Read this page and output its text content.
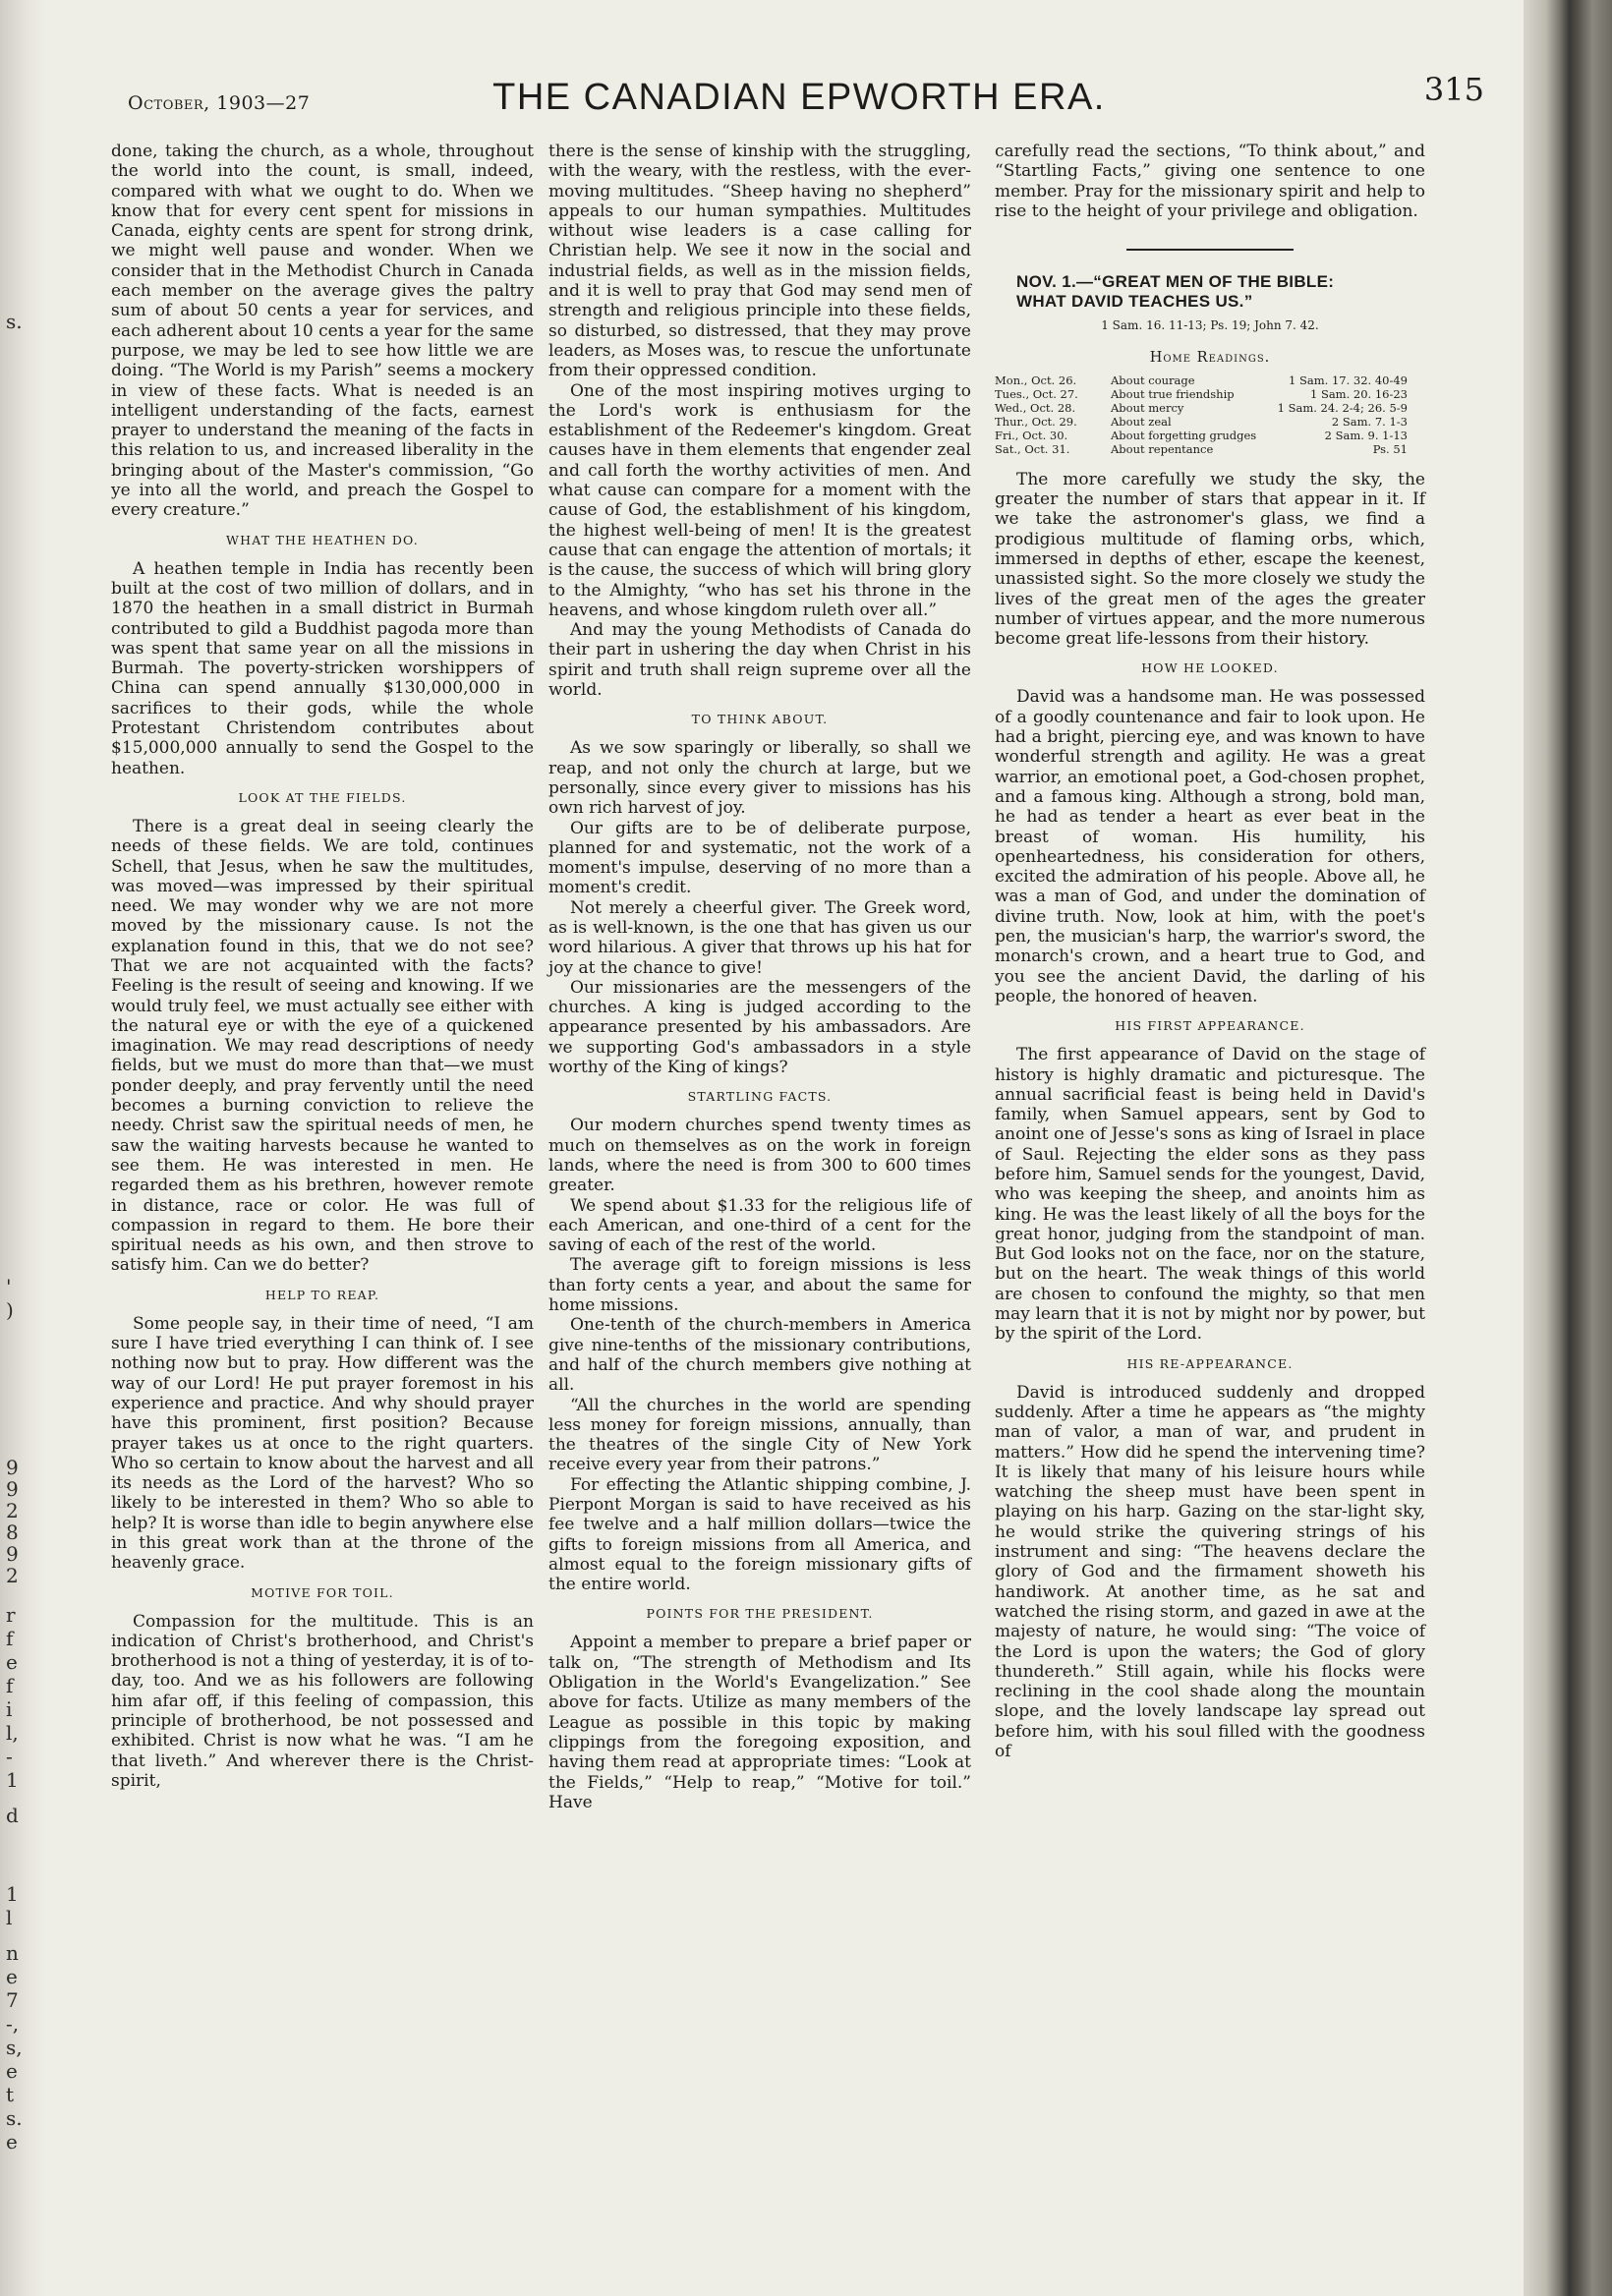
s.
'
)
9
9
2
8
9
2
r
f
e
f
i
l,
-
1
d
1
l
n
e
7
-,
s,
e
t
s.
e
October, 1903—27	THE CANADIAN EPWORTH ERA.	315

done, taking the church, as a whole, throughout the world into the count, is small, indeed, compared with what we ought to do. When we know that for every cent spent for missions in Canada, eighty cents are spent for strong drink, we might well pause and wonder. When we consider that in the Methodist Church in Canada each member on the average gives the paltry sum of about 50 cents a year for services, and each adherent about 10 cents a year for the same purpose, we may be led to see how little we are doing. “The World is my Parish” seems a mockery in view of these facts. What is needed is an intelligent understanding of the facts, earnest prayer to understand the meaning of the facts in this relation to us, and increased liberality in the bringing about of the Master's commission, “Go ye into all the world, and preach the Gospel to every creature.”

WHAT THE HEATHEN DO.

A heathen temple in India has recently been built at the cost of two million of dollars, and in 1870 the heathen in a small district in Burmah contributed to gild a Buddhist pagoda more than was spent that same year on all the missions in Burmah. The poverty-stricken worshippers of China can spend annually $130,000,000 in sacrifices to their gods, while the whole Protestant Christendom contributes about $15,000,000 annually to send the Gospel to the heathen.

LOOK AT THE FIELDS.

There is a great deal in seeing clearly the needs of these fields. We are told, continues Schell, that Jesus, when he saw the multitudes, was moved—was impressed by their spiritual need. We may wonder why we are not more moved by the missionary cause. Is not the explanation found in this, that we do not see? That we are not acquainted with the facts? Feeling is the result of seeing and knowing. If we would truly feel, we must actually see either with the natural eye or with the eye of a quickened imagination. We may read descriptions of needy fields, but we must do more than that—we must ponder deeply, and pray fervently until the need becomes a burning conviction to relieve the needy. Christ saw the spiritual needs of men, he saw the waiting harvests because he wanted to see them. He was interested in men. He regarded them as his brethren, however remote in distance, race or color. He was full of compassion in regard to them. He bore their spiritual needs as his own, and then strove to satisfy him. Can we do better?

HELP TO REAP.

Some people say, in their time of need, “I am sure I have tried everything I can think of. I see nothing now but to pray. How different was the way of our Lord! He put prayer foremost in his experience and practice. And why should prayer have this prominent, first position? Because prayer takes us at once to the right quarters. Who so certain to know about the harvest and all its needs as the Lord of the harvest? Who so likely to be interested in them? Who so able to help? It is worse than idle to begin anywhere else in this great work than at the throne of the heavenly grace.

MOTIVE FOR TOIL.

Compassion for the multitude. This is an indication of Christ's brotherhood, and Christ's brotherhood is not a thing of yesterday, it is of to-day, too. And we as his followers are following him afar off, if this feeling of compassion, this principle of brotherhood, be not possessed and exhibited. Christ is now what he was. “I am he that liveth.” And wherever there is the Christ-spirit,

there is the sense of kinship with the struggling, with the weary, with the restless, with the ever-moving multitudes. “Sheep having no shepherd” appeals to our human sympathies. Multitudes without wise leaders is a case calling for Christian help. We see it now in the social and industrial fields, as well as in the mission fields, and it is well to pray that God may send men of strength and religious principle into these fields, so disturbed, so distressed, that they may prove leaders, as Moses was, to rescue the unfortunate from their oppressed condition.

One of the most inspiring motives urging to the Lord's work is enthusiasm for the establishment of the Redeemer's kingdom. Great causes have in them elements that engender zeal and call forth the worthy activities of men. And what cause can compare for a moment with the cause of God, the establishment of his kingdom, the highest well-being of men! It is the greatest cause that can engage the attention of mortals; it is the cause, the success of which will bring glory to the Almighty, “who has set his throne in the heavens, and whose kingdom ruleth over all.”

And may the young Methodists of Canada do their part in ushering the day when Christ in his spirit and truth shall reign supreme over all the world.

TO THINK ABOUT.

As we sow sparingly or liberally, so shall we reap, and not only the church at large, but we personally, since every giver to missions has his own rich harvest of joy.

Our gifts are to be of deliberate purpose, planned for and systematic, not the work of a moment's impulse, deserving of no more than a moment's credit.

Not merely a cheerful giver. The Greek word, as is well-known, is the one that has given us our word hilarious. A giver that throws up his hat for joy at the chance to give!

Our missionaries are the messengers of the churches. A king is judged according to the appearance presented by his ambassadors. Are we supporting God's ambassadors in a style worthy of the King of kings?

STARTLING FACTS.

Our modern churches spend twenty times as much on themselves as on the work in foreign lands, where the need is from 300 to 600 times greater.

We spend about $1.33 for the religious life of each American, and one-third of a cent for the saving of each of the rest of the world.

The average gift to foreign missions is less than forty cents a year, and about the same for home missions.

One-tenth of the church-members in America give nine-tenths of the missionary contributions, and half of the church members give nothing at all.

“All the churches in the world are spending less money for foreign missions, annually, than the theatres of the single City of New York receive every year from their patrons.”

For effecting the Atlantic shipping combine, J. Pierpont Morgan is said to have received as his fee twelve and a half million dollars—twice the gifts to foreign missions from all America, and almost equal to the foreign missionary gifts of the entire world.

POINTS FOR THE PRESIDENT.

Appoint a member to prepare a brief paper or talk on, “The strength of Methodism and Its Obligation in the World's Evangelization.” See above for facts. Utilize as many members of the League as possible in this topic by making clippings from the foregoing exposition, and having them read at appropriate times: “Look at the Fields,” “Help to reap,” “Motive for toil.” Have

carefully read the sections, “To think about,” and “Startling Facts,” giving one sentence to one member. Pray for the missionary spirit and help to rise to the height of your privilege and obligation.

NOV. 1.—“GREAT MEN OF THE BIBLE:

WHAT DAVID TEACHES US.”

1 Sam. 16. 11-13; Ps. 19; John 7. 42.
Home Readings.
Mon., Oct. 26.	About courage	1 Sam. 17. 32. 40-49
Tues., Oct. 27.	About true friendship	1 Sam. 20. 16-23
Wed., Oct. 28.	About mercy	1 Sam. 24. 2-4; 26. 5-9
Thur., Oct. 29.	About zeal	2 Sam. 7. 1-3
Fri., Oct. 30.	About forgetting grudges	2 Sam. 9. 1-13
Sat., Oct. 31.	About repentance	Ps. 51

The more carefully we study the sky, the greater the number of stars that appear in it. If we take the astronomer's glass, we find a prodigious multitude of flaming orbs, which, immersed in depths of ether, escape the keenest, unassisted sight. So the more closely we study the lives of the great men of the ages the greater number of virtues appear, and the more numerous become great life-lessons from their history.

HOW HE LOOKED.

David was a handsome man. He was possessed of a goodly countenance and fair to look upon. He had a bright, piercing eye, and was known to have wonderful strength and agility. He was a great warrior, an emotional poet, a God-chosen prophet, and a famous king. Although a strong, bold man, he had as tender a heart as ever beat in the breast of woman. His humility, his openheartedness, his consideration for others, excited the admiration of his people. Above all, he was a man of God, and under the domination of divine truth. Now, look at him, with the poet's pen, the musician's harp, the warrior's sword, the monarch's crown, and a heart true to God, and you see the ancient David, the darling of his people, the honored of heaven.

HIS FIRST APPEARANCE.

The first appearance of David on the stage of history is highly dramatic and picturesque. The annual sacrificial feast is being held in David's family, when Samuel appears, sent by God to anoint one of Jesse's sons as king of Israel in place of Saul. Rejecting the elder sons as they pass before him, Samuel sends for the youngest, David, who was keeping the sheep, and anoints him as king. He was the least likely of all the boys for the great honor, judging from the standpoint of man. But God looks not on the face, nor on the stature, but on the heart. The weak things of this world are chosen to confound the mighty, so that men may learn that it is not by might nor by power, but by the spirit of the Lord.

HIS RE-APPEARANCE.

David is introduced suddenly and dropped suddenly. After a time he appears as “the mighty man of valor, a man of war, and prudent in matters.” How did he spend the intervening time? It is likely that many of his leisure hours while watching the sheep must have been spent in playing on his harp. Gazing on the star-light sky, he would strike the quivering strings of his instrument and sing: “The heavens declare the glory of God and the firmament showeth his handiwork. At another time, as he sat and watched the rising storm, and gazed in awe at the majesty of nature, he would sing: “The voice of the Lord is upon the waters; the God of glory thundereth.” Still again, while his flocks were reclining in the cool shade along the mountain slope, and the lovely landscape lay spread out before him, with his soul filled with the goodness of
